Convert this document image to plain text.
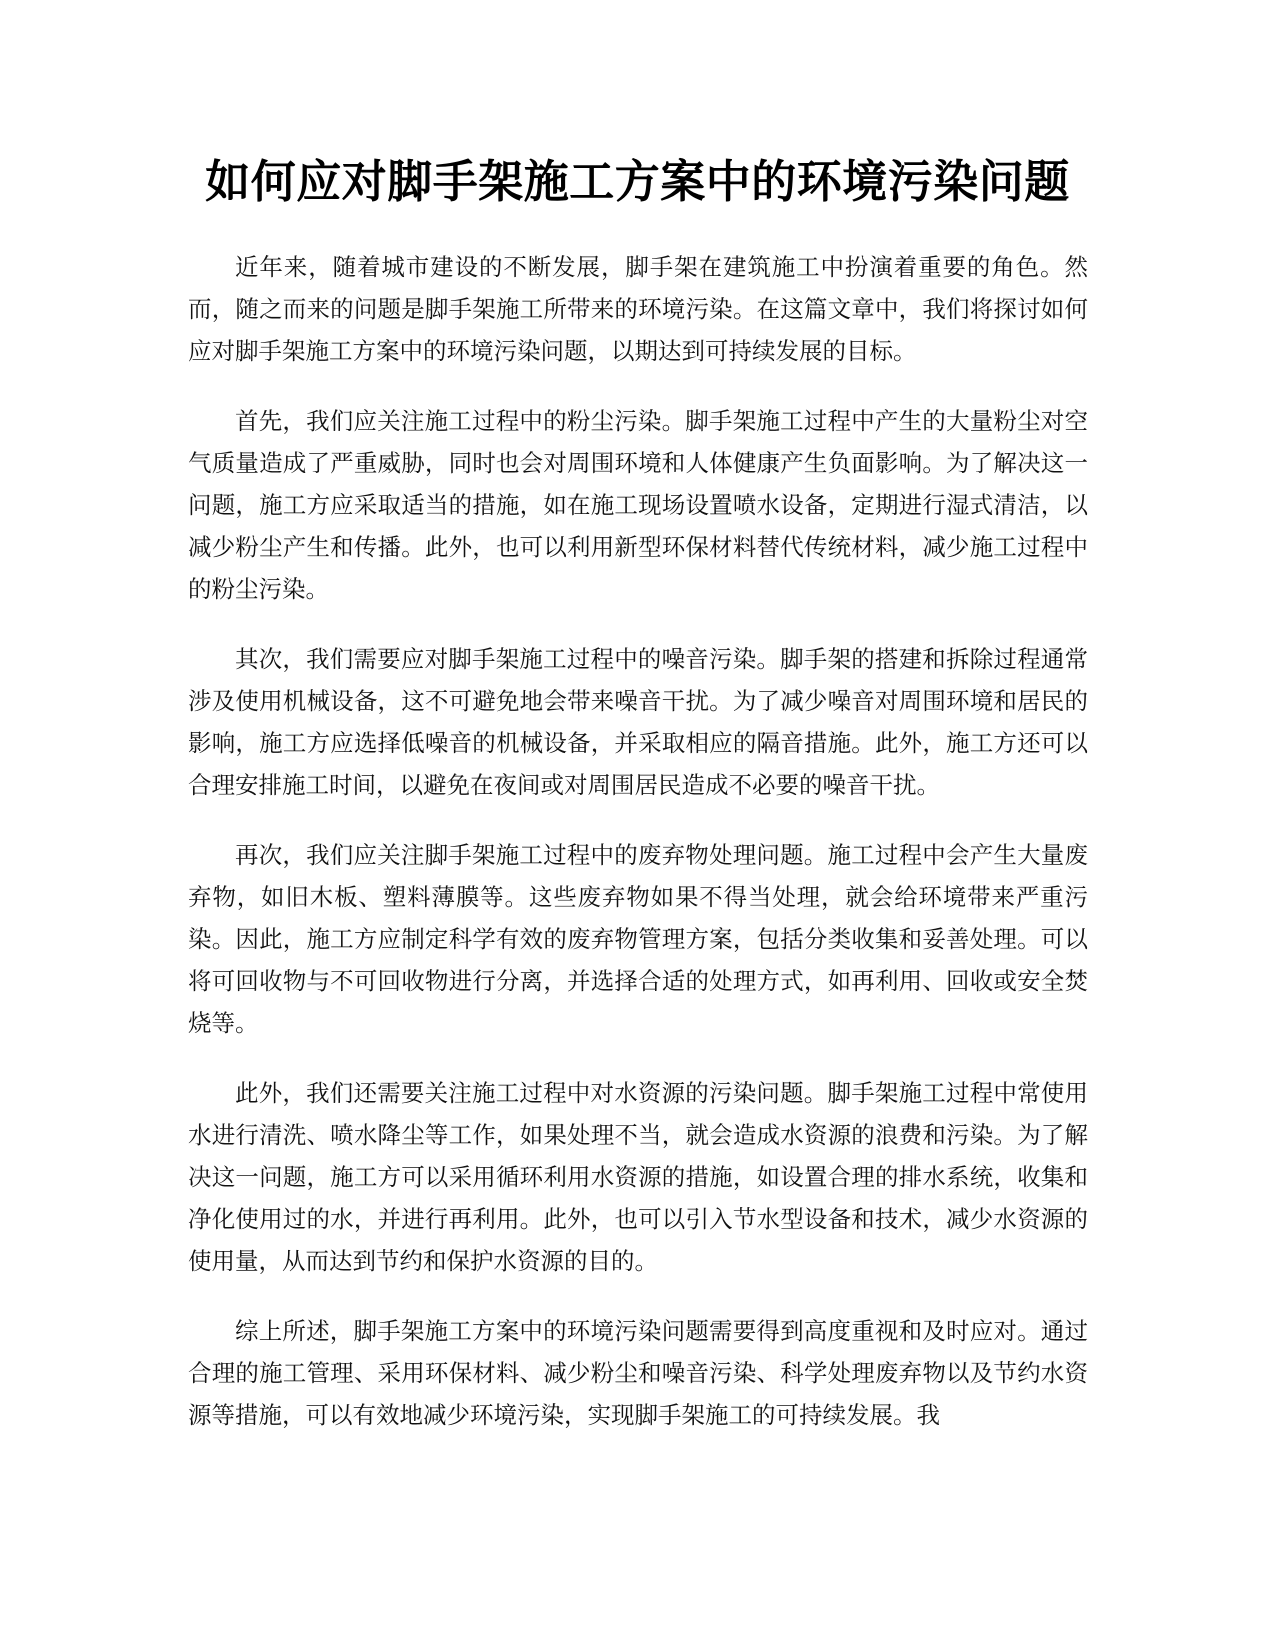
如何应对脚手架施工方案中的环境污染问题

近年来，随着城市建设的不断发展，脚手架在建筑施工中扮演着重要的角色。然而，随之而来的问题是脚手架施工所带来的环境污染。在这篇文章中，我们将探讨如何应对脚手架施工方案中的环境污染问题，以期达到可持续发展的目标。

首先，我们应关注施工过程中的粉尘污染。脚手架施工过程中产生的大量粉尘对空气质量造成了严重威胁，同时也会对周围环境和人体健康产生负面影响。为了解决这一问题，施工方应采取适当的措施，如在施工现场设置喷水设备，定期进行湿式清洁，以减少粉尘产生和传播。此外，也可以利用新型环保材料替代传统材料，减少施工过程中的粉尘污染。

其次，我们需要应对脚手架施工过程中的噪音污染。脚手架的搭建和拆除过程通常涉及使用机械设备，这不可避免地会带来噪音干扰。为了减少噪音对周围环境和居民的影响，施工方应选择低噪音的机械设备，并采取相应的隔音措施。此外，施工方还可以合理安排施工时间，以避免在夜间或对周围居民造成不必要的噪音干扰。

再次，我们应关注脚手架施工过程中的废弃物处理问题。施工过程中会产生大量废弃物，如旧木板、塑料薄膜等。这些废弃物如果不得当处理，就会给环境带来严重污染。因此，施工方应制定科学有效的废弃物管理方案，包括分类收集和妥善处理。可以将可回收物与不可回收物进行分离，并选择合适的处理方式，如再利用、回收或安全焚烧等。

此外，我们还需要关注施工过程中对水资源的污染问题。脚手架施工过程中常使用水进行清洗、喷水降尘等工作，如果处理不当，就会造成水资源的浪费和污染。为了解决这一问题，施工方可以采用循环利用水资源的措施，如设置合理的排水系统，收集和净化使用过的水，并进行再利用。此外，也可以引入节水型设备和技术，减少水资源的使用量，从而达到节约和保护水资源的目的。

综上所述，脚手架施工方案中的环境污染问题需要得到高度重视和及时应对。通过合理的施工管理、采用环保材料、减少粉尘和噪音污染、科学处理废弃物以及节约水资源等措施，可以有效地减少环境污染，实现脚手架施工的可持续发展。我
